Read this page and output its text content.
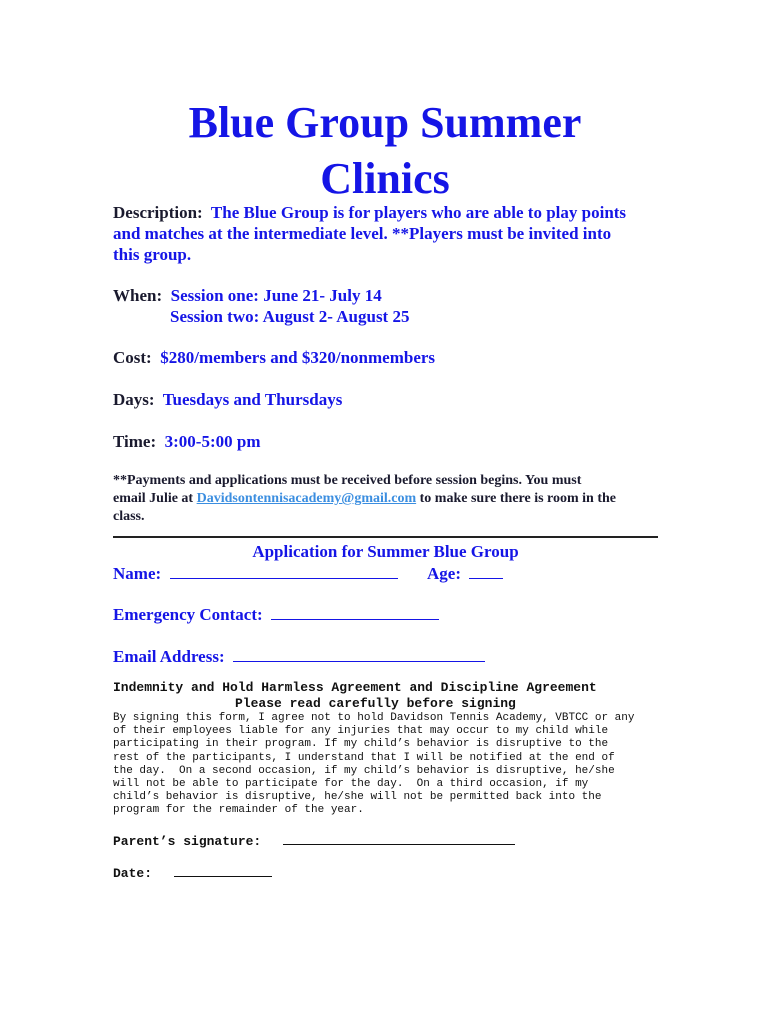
Blue Group Summer
Clinics
Description: The Blue Group is for players who are able to play points
and matches at the intermediate level. **Players must be invited into
this group.
When: Session one: June 21- July 14
Session two: August 2- August 25
Cost: $280/members and $320/nonmembers
Days: Tuesdays and Thursdays
Time: 3:00-5:00 pm
**Payments and applications must be received before session begins. You must
email Julie at Davidsontennisacademy@gmail.com to make sure there is room in the
class.
Application for Summer Blue Group
Name:	Age:
Emergency Contact:
Email Address:
Indemnity and Hold Harmless Agreement and Discipline Agreement
Please read carefully before signing
By signing this form, I agree not to hold Davidson Tennis Academy, VBTCC or any
of their employees liable for any injuries that may occur to my child while
participating in their program. If my child’s behavior is disruptive to the
rest of the participants, I understand that I will be notified at the end of
the day.  On a second occasion, if my child’s behavior is disruptive, he/she
will not be able to participate for the day.  On a third occasion, if my
child’s behavior is disruptive, he/she will not be permitted back into the
program for the remainder of the year.
Parent’s signature:
Date:
